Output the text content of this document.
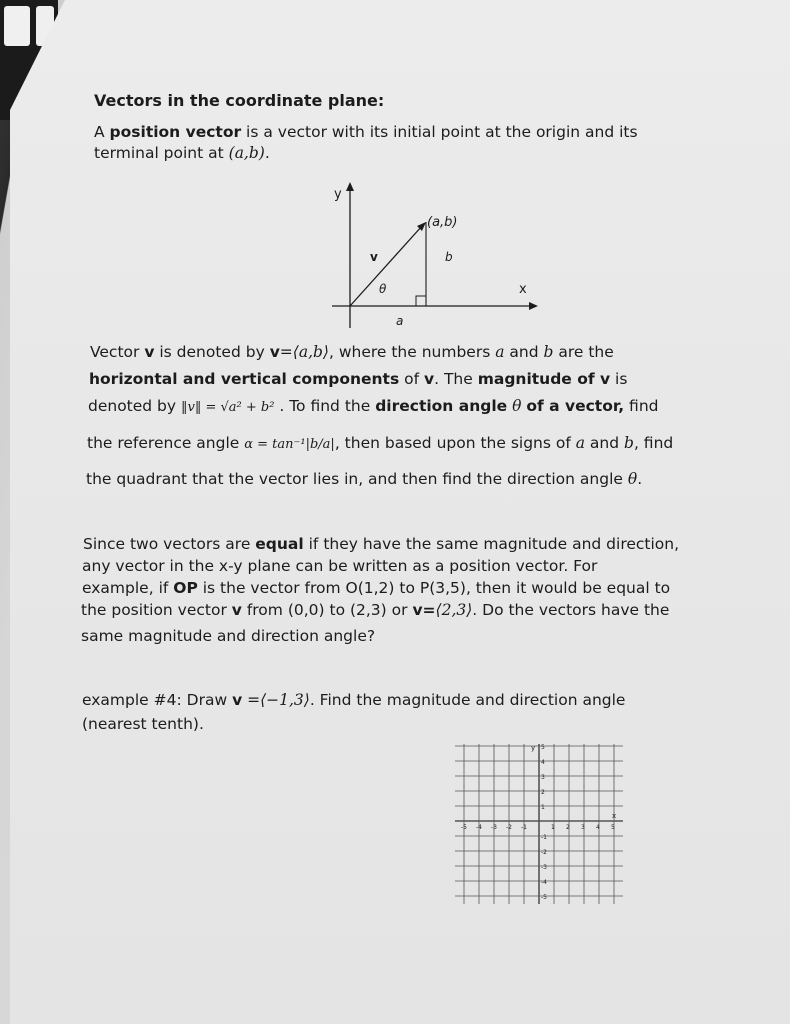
Vectors in the coordinate plane:
A position vector is a vector with its initial point at the origin and its
terminal point at (a,b).
y
x
(a,b)
v	b
θ
a
Vector v is denoted by v=⟨a,b⟩, where the numbers a and b are the
horizontal and vertical components of v. The magnitude of v is
denoted by ‖v‖ = √a² + b² . To find the direction angle θ of a vector, find
the reference angle α = tan⁻¹|b/a|, then based upon the signs of a and b, find
the quadrant that the vector lies in, and then find the direction angle θ.
Since two vectors are equal if they have the same magnitude and direction,
any vector in the x-y plane can be written as a position vector. For
example, if OP is the vector from O(1,2) to P(3,5), then it would be equal to
the position vector v from (0,0) to (2,3) or v=⟨2,3⟩. Do the vectors have the
same magnitude and direction angle?
example #4: Draw v =⟨−1,3⟩. Find the magnitude and direction angle
(nearest tenth).
-5 -4 -3 -2 -1	1 2 3 4 5
5
4
3
2
1
-1
-2
-3
-4
-5
x
y
